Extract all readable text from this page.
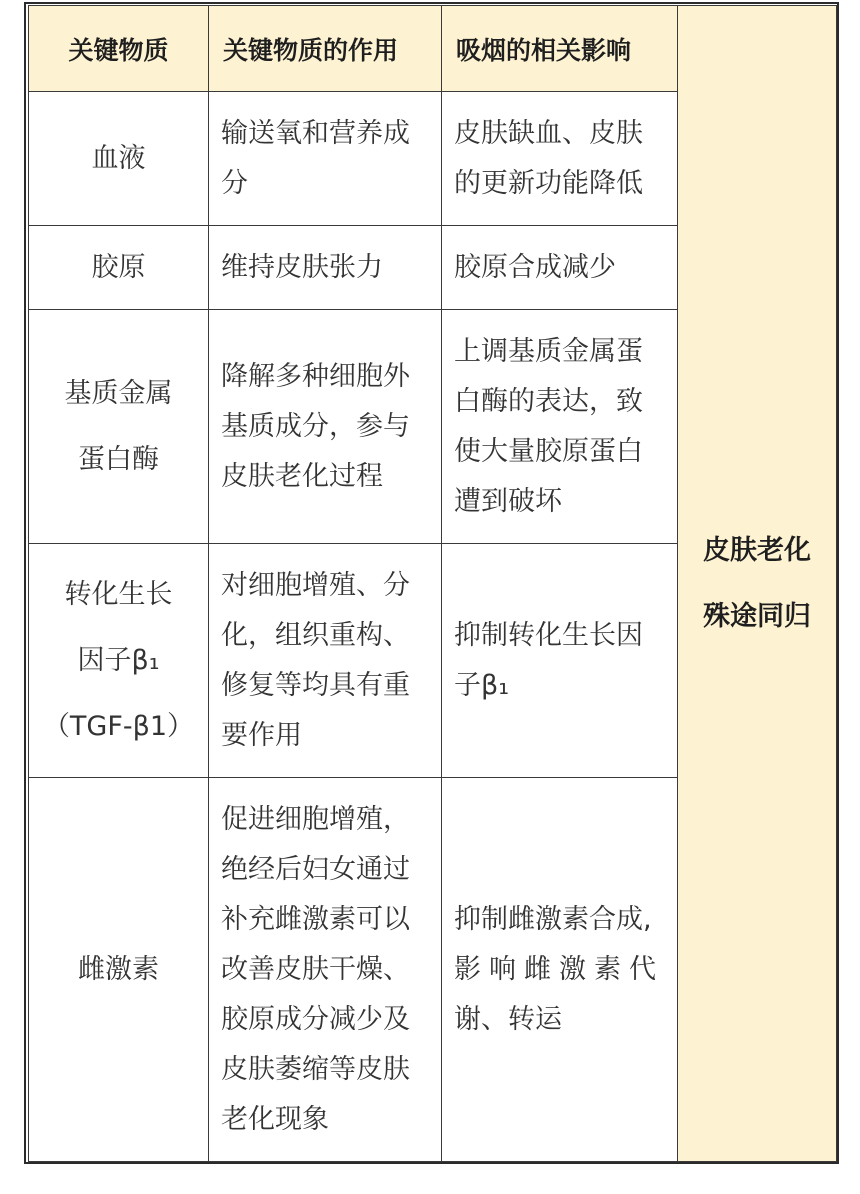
关键物质	关键物质的作用	吸烟的相关影响	皮肤老化
殊途同归

血液	输送氧和营养成分	皮肤缺血、皮肤的更新功能降低	

胶原	维持皮肤张力	胶原合成减少	

基质金属
蛋白酶	降解多种细胞外基质成分，参与皮肤老化过程	上调基质金属蛋白酶的表达，致使大量胶原蛋白遭到破坏	

转化生长
因子β₁
（TGF-β1）	对细胞增殖、分化，组织重构、修复等均具有重要作用	抑制转化生长因子β₁	

雌激素	促进细胞增殖，绝经后妇女通过补充雌激素可以改善皮肤干燥、胶原成分减少及皮肤萎缩等皮肤老化现象	抑制雌激素合成,
影响雌激素代
谢、转运	
